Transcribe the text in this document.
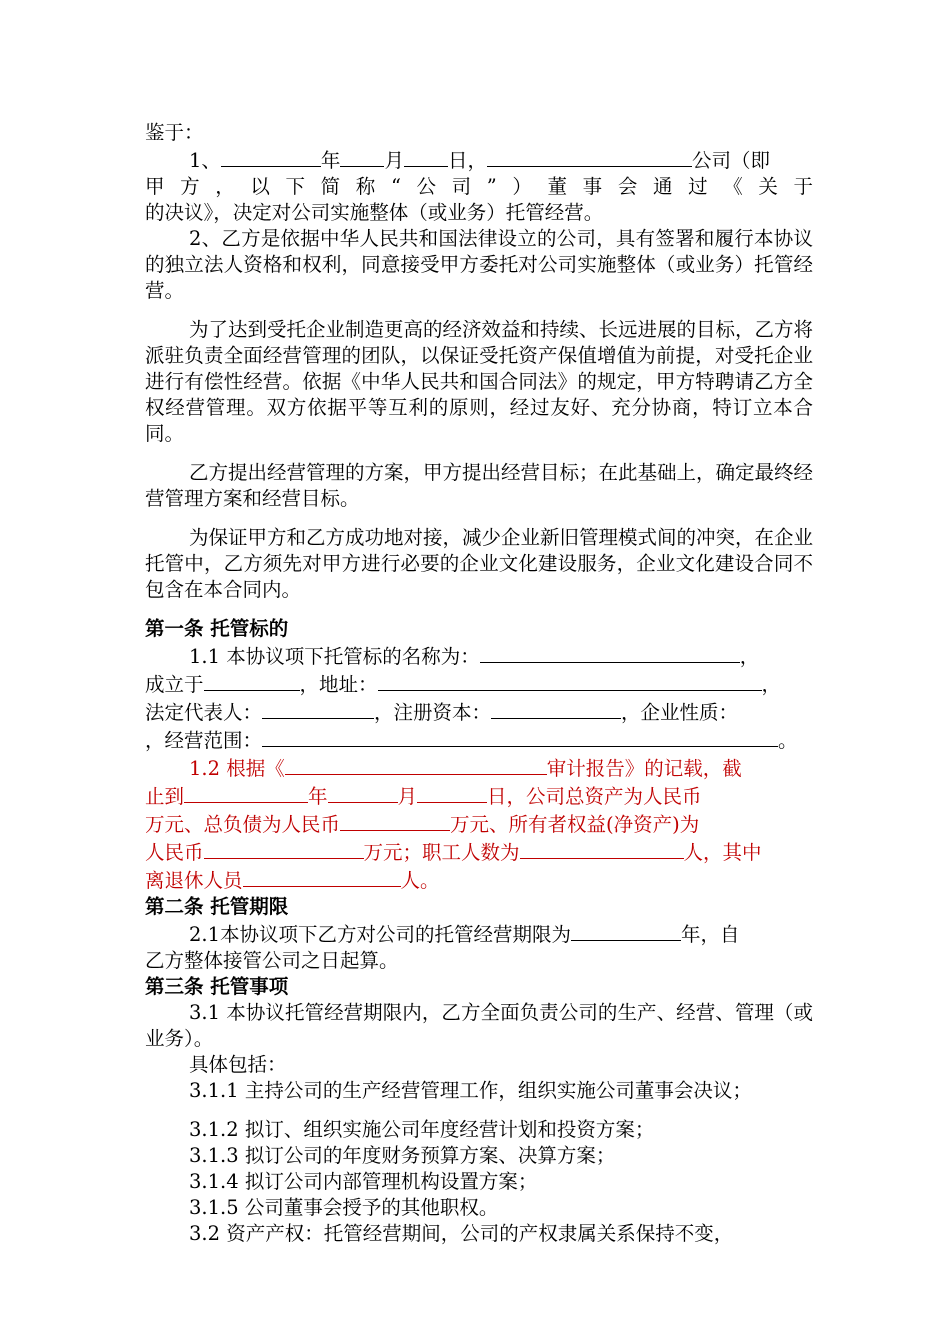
鉴于：

1、	年 月 日，	公司（即

甲方，以下简称“公司”）董事会通过《关于

的决议》，决定对公司实施整体（或业务）托管经营。

2、乙方是依据中华人民共和国法律设立的公司，具有签署和履行本协议的独立法人资格和权利，同意接受甲方委托对公司实施整体（或业务）托管经营。

为了达到受托企业制造更高的经济效益和持续、长远进展的目标，乙方将派驻负责全面经营管理的团队，以保证受托资产保值增值为前提，对受托企业进行有偿性经营。依据《中华人民共和国合同法》的规定，甲方特聘请乙方全权经营管理。双方依据平等互利的原则，经过友好、充分协商，特订立本合同。

乙方提出经营管理的方案，甲方提出经营目标；在此基础上，确定最终经营管理方案和经营目标。

为保证甲方和乙方成功地对接，减少企业新旧管理模式间的冲突，在企业托管中，乙方须先对甲方进行必要的企业文化建设服务，企业文化建设合同不包含在本合同内。

第一条 托管标的

1.1 本协议项下托管标的名称为：	，

成立于	，地址：	，

法定代表人：	，注册资本：	，企业性质：

，经营范围：	。

1.2 根据《	审计报告》的记载，截

止到	年	月	日，公司总资产为人民币

万元、总负债为人民币	万元、所有者权益(净资产)为

人民币	万元；职工人数为	人，其中

离退休人员	人。

第二条 托管期限

2.1本协议项下乙方对公司的托管经营期限为	年，自

乙方整体接管公司之日起算。

第三条 托管事项

3.1 本协议托管经营期限内，乙方全面负责公司的生产、经营、管理（或业务）。

具体包括：

3.1.1 主持公司的生产经营管理工作，组织实施公司董事会决议；

3.1.2 拟订、组织实施公司年度经营计划和投资方案；

3.1.3 拟订公司的年度财务预算方案、决算方案；

3.1.4 拟订公司内部管理机构设置方案；

3.1.5 公司董事会授予的其他职权。

3.2 资产产权：托管经营期间，公司的产权隶属关系保持不变，
